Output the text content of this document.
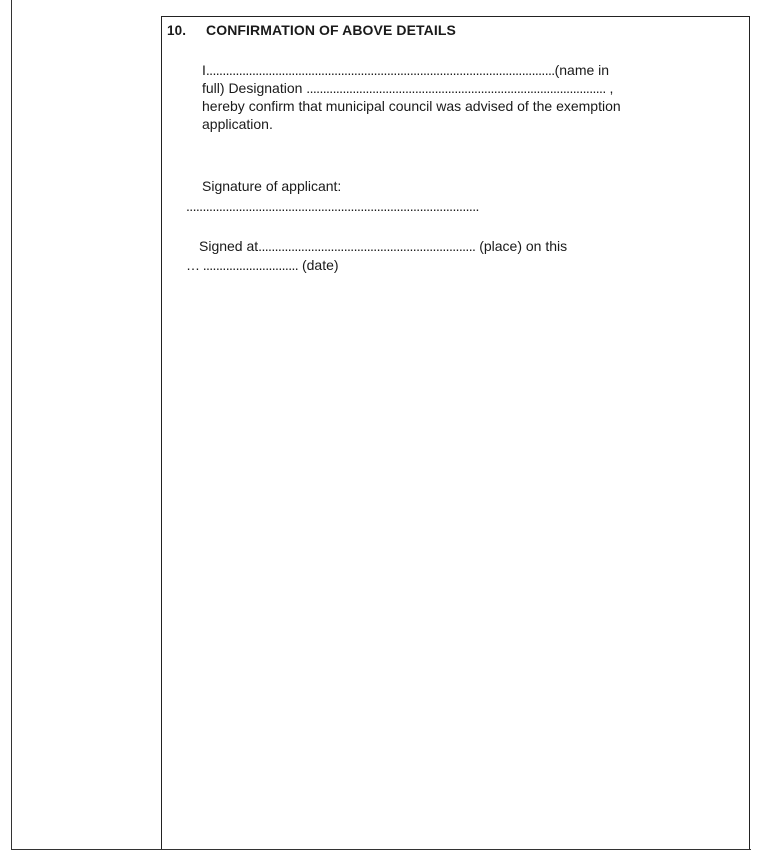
10. CONFIRMATION OF ABOVE DETAILS
I..........................................................................................................(name in
full) Designation ........................................................................................... ,
hereby confirm that municipal council was advised of the exemption
application.
Signature of applicant:
.........................................................................................
Signed at.................................................................. (place) on this
… ............................. (date)
